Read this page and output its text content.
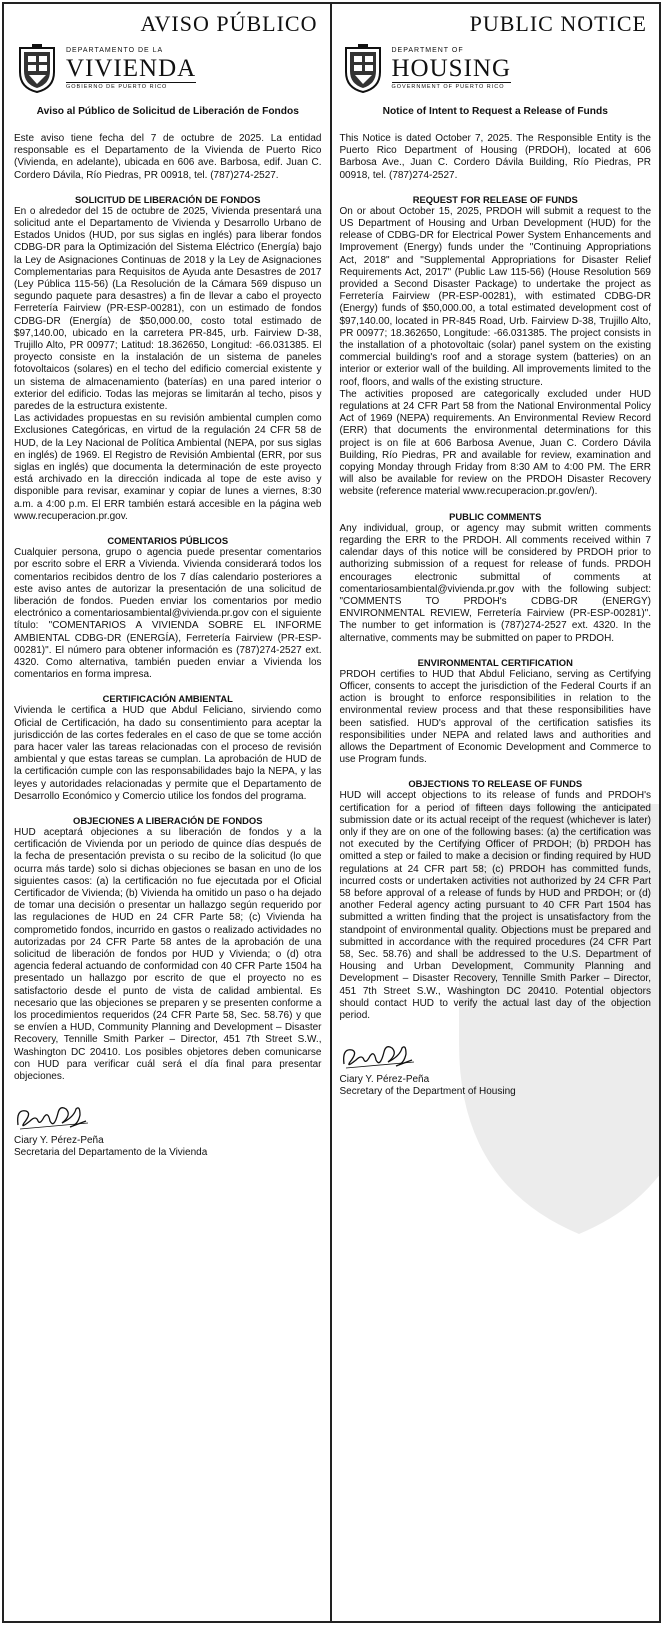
AVISO PÚBLICO
DEPARTAMENTO DE LA
VIVIENDA
GOBIERNO DE PUERTO RICO
Aviso al Público de Solicitud de Liberación de Fondos

Este aviso tiene fecha del 7 de octubre de 2025. La entidad responsable es el Departamento de la Vivienda de Puerto Rico (Vivienda, en adelante), ubicada en 606 ave. Barbosa, edif. Juan C. Cordero Dávila, Río Piedras, PR 00918, tel. (787)274-2527.

SOLICITUD DE LIBERACIÓN DE FONDOS

En o alrededor del 15 de octubre de 2025, Vivienda presentará una solicitud ante el Departamento de Vivienda y Desarrollo Urbano de Estados Unidos (HUD, por sus siglas en inglés) para liberar fondos CDBG-DR para la Optimización del Sistema Eléctrico (Energía) bajo la Ley de Asignaciones Continuas de 2018 y la Ley de Asignaciones Complementarias para Requisitos de Ayuda ante Desastres de 2017 (Ley Pública 115-56) (La Resolución de la Cámara 569 dispuso un segundo paquete para desastres) a fin de llevar a cabo el proyecto Ferretería Fairview (PR-ESP-00281), con un estimado de fondos CDBG-DR (Energía) de $50,000.00, costo total estimado de $97,140.00, ubicado en la carretera PR-845, urb. Fairview D-38, Trujillo Alto, PR 00977; Latitud: 18.362650, Longitud: -66.031385. El proyecto consiste en la instalación de un sistema de paneles fotovoltaicos (solares) en el techo del edificio comercial existente y un sistema de almacenamiento (baterías) en una pared interior o exterior del edificio. Todas las mejoras se limitarán al techo, pisos y paredes de la estructura existente.

Las actividades propuestas en su revisión ambiental cumplen como Exclusiones Categóricas, en virtud de la regulación 24 CFR 58 de HUD, de la Ley Nacional de Política Ambiental (NEPA, por sus siglas en inglés) de 1969. El Registro de Revisión Ambiental (ERR, por sus siglas en inglés) que documenta la determinación de este proyecto está archivado en la dirección indicada al tope de este aviso y disponible para revisar, examinar y copiar de lunes a viernes, 8:30 a.m. a 4:00 p.m. El ERR también estará accesible en la página web www.recuperacion.pr.gov.

COMENTARIOS PÚBLICOS

Cualquier persona, grupo o agencia puede presentar comentarios por escrito sobre el ERR a Vivienda. Vivienda considerará todos los comentarios recibidos dentro de los 7 días calendario posteriores a este aviso antes de autorizar la presentación de una solicitud de liberación de fondos. Pueden enviar los comentarios por medio electrónico a comentariosambiental@vivienda.pr.gov con el siguiente título: "COMENTARIOS A VIVIENDA SOBRE EL INFORME AMBIENTAL CDBG-DR (ENERGÍA), Ferretería Fairview (PR-ESP-00281)". El número para obtener información es (787)274-2527 ext. 4320. Como alternativa, también pueden enviar a Vivienda los comentarios en forma impresa.

CERTIFICACIÓN AMBIENTAL

Vivienda le certifica a HUD que Abdul Feliciano, sirviendo como Oficial de Certificación, ha dado su consentimiento para aceptar la jurisdicción de las cortes federales en el caso de que se tome acción para hacer valer las tareas relacionadas con el proceso de revisión ambiental y que estas tareas se cumplan. La aprobación de HUD de la certificación cumple con las responsabilidades bajo la NEPA, y las leyes y autoridades relacionadas y permite que el Departamento de Desarrollo Económico y Comercio utilice los fondos del programa.

OBJECIONES A LIBERACIÓN DE FONDOS

HUD aceptará objeciones a su liberación de fondos y a la certificación de Vivienda por un periodo de quince días después de la fecha de presentación prevista o su recibo de la solicitud (lo que ocurra más tarde) solo si dichas objeciones se basan en uno de los siguientes casos: (a) la certificación no fue ejecutada por el Oficial Certificador de Vivienda; (b) Vivienda ha omitido un paso o ha dejado de tomar una decisión o presentar un hallazgo según requerido por las regulaciones de HUD en 24 CFR Parte 58; (c) Vivienda ha comprometido fondos, incurrido en gastos o realizado actividades no autorizadas por 24 CFR Parte 58 antes de la aprobación de una solicitud de liberación de fondos por HUD y Vivienda; o (d) otra agencia federal actuando de conformidad con 40 CFR Parte 1504 ha presentado un hallazgo por escrito de que el proyecto no es satisfactorio desde el punto de vista de calidad ambiental. Es necesario que las objeciones se preparen y se presenten conforme a los procedimientos requeridos (24 CFR Parte 58, Sec. 58.76) y que se envíen a HUD, Community Planning and Development – Disaster Recovery, Tennille Smith Parker – Director, 451 7th Street S.W., Washington DC 20410. Los posibles objetores deben comunicarse con HUD para verificar cuál será el día final para presentar objeciones.

Ciary Y. Pérez-Peña
Secretaria del Departamento de la Vivienda
PUBLIC NOTICE
DEPARTMENT OF
HOUSING
GOVERNMENT OF PUERTO RICO
Notice of Intent to Request a Release of Funds

This Notice is dated October 7, 2025. The Responsible Entity is the Puerto Rico Department of Housing (PRDOH), located at 606 Barbosa Ave., Juan C. Cordero Dávila Building, Río Piedras, PR 00918, tel. (787)274-2527.

REQUEST FOR RELEASE OF FUNDS

On or about October 15, 2025, PRDOH will submit a request to the US Department of Housing and Urban Development (HUD) for the release of CDBG-DR for Electrical Power System Enhancements and Improvement (Energy) funds under the "Continuing Appropriations Act, 2018" and "Supplemental Appropriations for Disaster Relief Requirements Act, 2017" (Public Law 115-56) (House Resolution 569 provided a Second Disaster Package) to undertake the project as Ferretería Fairview (PR-ESP-00281), with estimated CDBG-DR (Energy) funds of $50,000.00, a total estimated development cost of $97,140.00, located in PR-845 Road, Urb. Fairview D-38, Trujillo Alto, PR 00977; 18.362650, Longitude: -66.031385. The project consists in the installation of a photovoltaic (solar) panel system on the existing commercial building's roof and a storage system (batteries) on an interior or exterior wall of the building. All improvements limited to the roof, floors, and walls of the existing structure.

The activities proposed are categorically excluded under HUD regulations at 24 CFR Part 58 from the National Environmental Policy Act of 1969 (NEPA) requirements. An Environmental Review Record (ERR) that documents the environmental determinations for this project is on file at 606 Barbosa Avenue, Juan C. Cordero Dávila Building, Río Piedras, PR and available for review, examination and copying Monday through Friday from 8:30 AM to 4:00 PM. The ERR will also be available for review on the PRDOH Disaster Recovery website (reference material www.recuperacion.pr.gov/en/).

PUBLIC COMMENTS

Any individual, group, or agency may submit written comments regarding the ERR to the PRDOH. All comments received within 7 calendar days of this notice will be considered by PRDOH prior to authorizing submission of a request for release of funds. PRDOH encourages electronic submittal of comments at comentariosambiental@vivienda.pr.gov with the following subject: "COMMENTS TO PRDOH's CDBG-DR (ENERGY) ENVIRONMENTAL REVIEW, Ferretería Fairview (PR-ESP-00281)". The number to get information is (787)274-2527 ext. 4320. In the alternative, comments may be submitted on paper to PRDOH.

ENVIRONMENTAL CERTIFICATION

PRDOH certifies to HUD that Abdul Feliciano, serving as Certifying Officer, consents to accept the jurisdiction of the Federal Courts if an action is brought to enforce responsibilities in relation to the environmental review process and that these responsibilities have been satisfied. HUD's approval of the certification satisfies its responsibilities under NEPA and related laws and authorities and allows the Department of Economic Development and Commerce to use Program funds.

OBJECTIONS TO RELEASE OF FUNDS

HUD will accept objections to its release of funds and PRDOH's certification for a period of fifteen days following the anticipated submission date or its actual receipt of the request (whichever is later) only if they are on one of the following bases: (a) the certification was not executed by the Certifying Officer of PRDOH; (b) PRDOH has omitted a step or failed to make a decision or finding required by HUD regulations at 24 CFR part 58; (c) PRDOH has committed funds, incurred costs or undertaken activities not authorized by 24 CFR Part 58 before approval of a release of funds by HUD and PRDOH; or (d) another Federal agency acting pursuant to 40 CFR Part 1504 has submitted a written finding that the project is unsatisfactory from the standpoint of environmental quality. Objections must be prepared and submitted in accordance with the required procedures (24 CFR Part 58, Sec. 58.76) and shall be addressed to the U.S. Department of Housing and Urban Development, Community Planning and Development – Disaster Recovery, Tennille Smith Parker – Director, 451 7th Street S.W., Washington DC 20410. Potential objectors should contact HUD to verify the actual last day of the objection period.

Ciary Y. Pérez-Peña
Secretary of the Department of Housing
